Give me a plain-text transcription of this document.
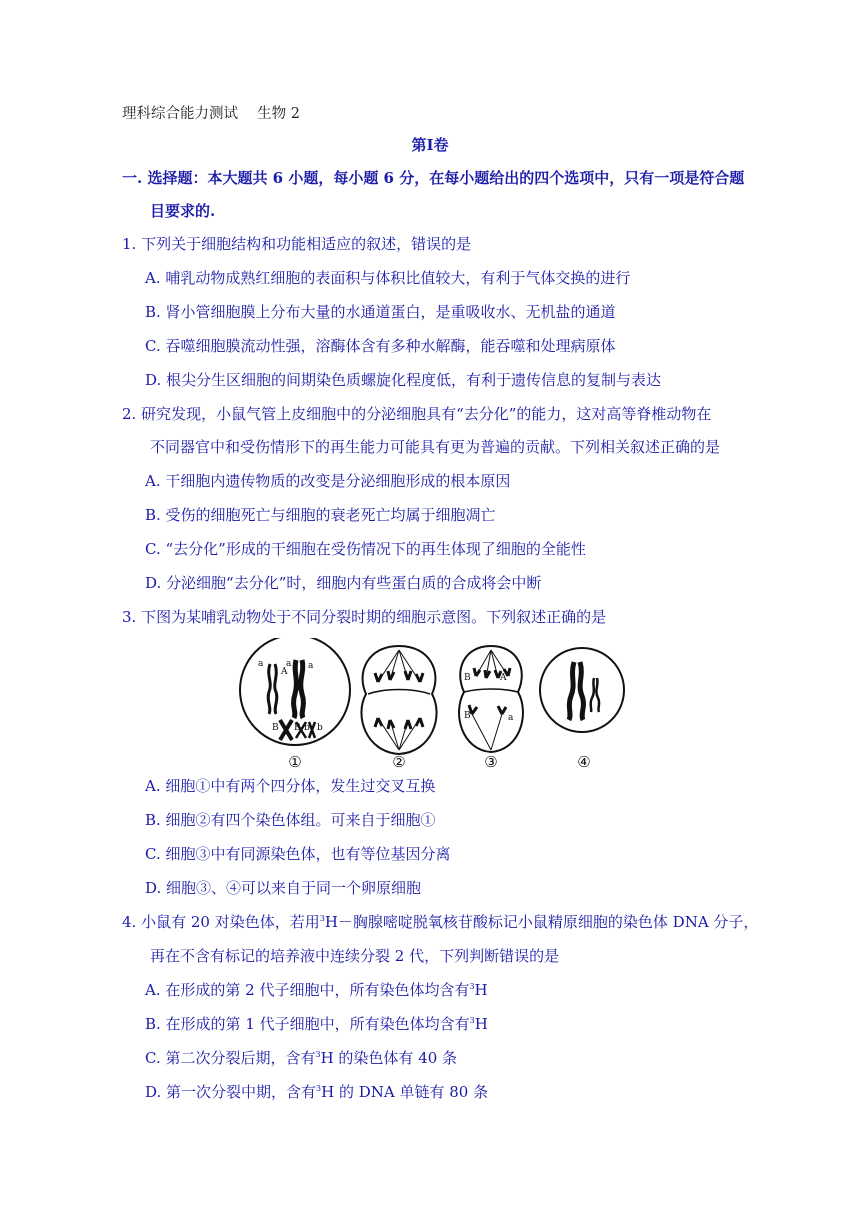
理科综合能力测试　 生物 2
第Ⅰ卷
一. 选择题：本大题共 6 小题，每小题 6 分，在每小题给出的四个选项中，只有一项是符合题
目要求的.
1. 下列关于细胞结构和功能相适应的叙述，错误的是
A. 哺乳动物成熟红细胞的表面积与体积比值较大，有利于气体交换的进行
B. 肾小管细胞膜上分布大量的水通道蛋白，是重吸收水、无机盐的通道
C. 吞噬细胞膜流动性强，溶酶体含有多种水解酶，能吞噬和处理病原体
D. 根尖分生区细胞的间期染色质螺旋化程度低，有利于遗传信息的复制与表达
2. 研究发现，小鼠气管上皮细胞中的分泌细胞具有“去分化”的能力，这对高等脊椎动物在
不同器官中和受伤情形下的再生能力可能具有更为普遍的贡献。下列相关叙述正确的是
A. 干细胞内遗传物质的改变是分泌细胞形成的根本原因
B. 受伤的细胞死亡与细胞的衰老死亡均属于细胞凋亡
C. “去分化”形成的干细胞在受伤情况下的再生体现了细胞的全能性
D. 分泌细胞“去分化”时，细胞内有些蛋白质的合成将会中断
3. 下图为某哺乳动物处于不同分裂时期的细胞示意图。下列叙述正确的是
a
A
a a
B B b b
B	A
B	a
①	②	③	④
A. 细胞①中有两个四分体，发生过交叉互换
B. 细胞②有四个染色体组。可来自于细胞①
C. 细胞③中有同源染色体，也有等位基因分离
D. 细胞③、④可以来自于同一个卵原细胞
4. 小鼠有 20 对染色体，若用$^3$H－胸腺嘧啶脱氧核苷酸标记小鼠精原细胞的染色体 DNA 分子，
再在不含有标记的培养液中连续分裂 2 代，下列判断错误的是
A. 在形成的第 2 代子细胞中，所有染色体均含有$^3$H
B. 在形成的第 1 代子细胞中，所有染色体均含有$^3$H
C. 第二次分裂后期，含有$^3$H 的染色体有 40 条
D. 第一次分裂中期，含有$^3$H 的 DNA 单链有 80 条
